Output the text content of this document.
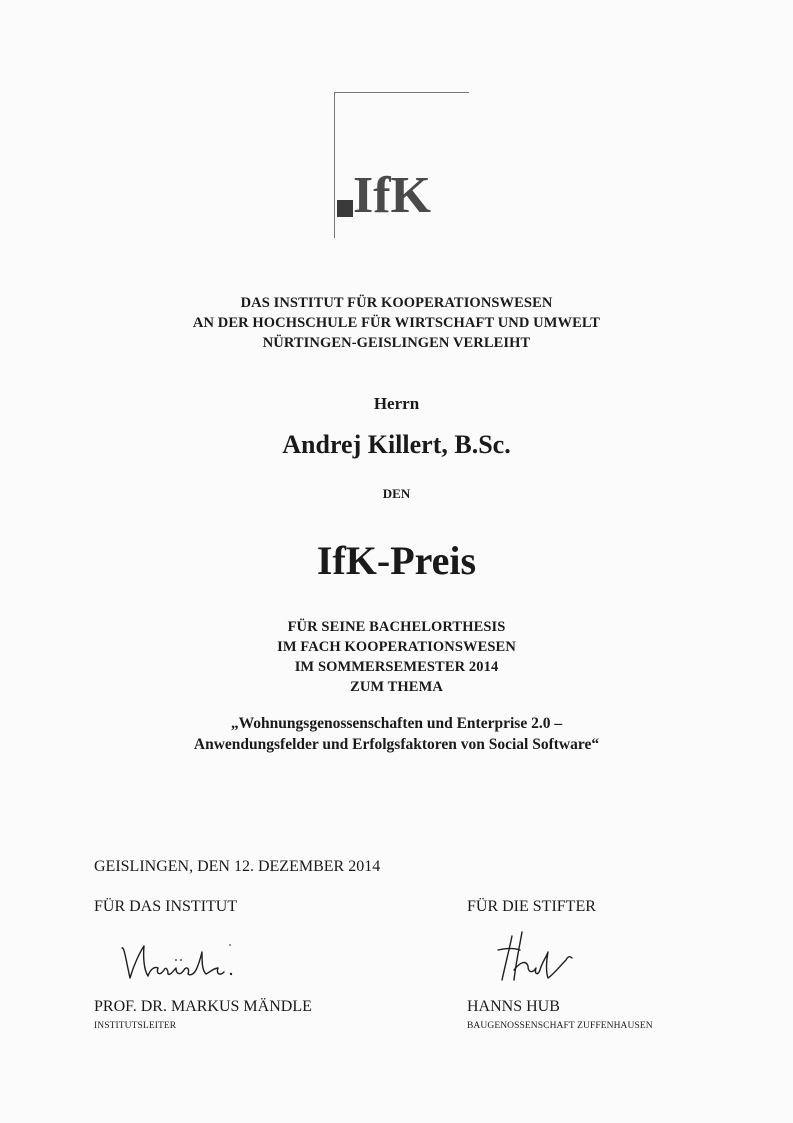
IfK
DAS INSTITUT FÜR KOOPERATIONSWESEN
AN DER HOCHSCHULE FÜR WIRTSCHAFT UND UMWELT
NÜRTINGEN-GEISLINGEN VERLEIHT
Herrn
Andrej Killert, B.Sc.
DEN
IfK-Preis
FÜR SEINE BACHELORTHESIS
IM FACH KOOPERATIONSWESEN
IM SOMMERSEMESTER 2014
ZUM THEMA
„Wohnungsgenossenschaften und Enterprise 2.0 –
Anwendungsfelder und Erfolgsfaktoren von Social Software“
GEISLINGEN, DEN 12. DEZEMBER 2014
FÜR DAS INSTITUT	FÜR DIE STIFTER
PROF. DR. MARKUS MÄNDLE
INSTITUTSLEITER
HANNS HUB
BAUGENOSSENSCHAFT ZUFFENHAUSEN
